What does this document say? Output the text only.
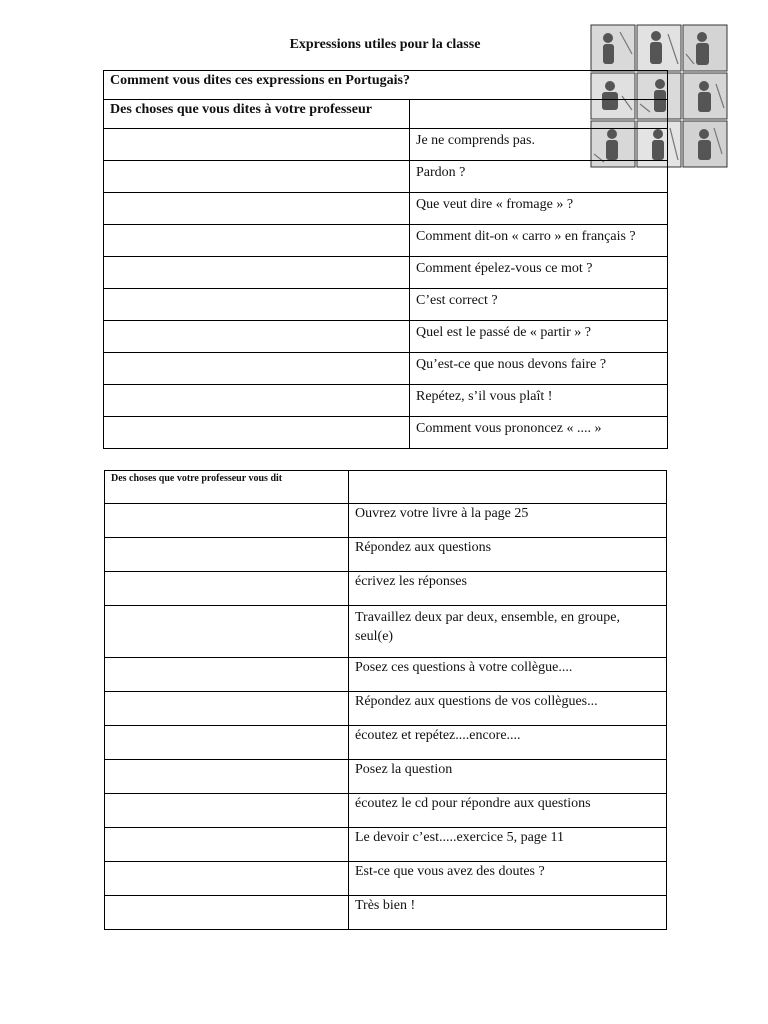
Expressions utiles pour la classe
Comment vous dites ces expressions en Portugais?	
Des choses que vous dites à votre professeur	
	Je ne comprends pas.
	Pardon ?
	Que veut dire « fromage » ?
	Comment dit-on « carro » en français ?
	Comment épelez-vous ce mot ?
	C’est correct ?
	Quel est le passé de « partir » ?
	Qu’est-ce que nous devons faire ?
	Repétez, s’il vous plaît !
	Comment vous prononcez « .... »
Des choses que votre professeur vous dit	
	Ouvrez votre livre à la page 25
	Répondez aux questions
	écrivez les réponses
	Travaillez deux par deux, ensemble, en groupe, seul(e)
	Posez ces questions à votre collègue....
	Répondez aux questions de vos collègues...
	écoutez et repétez....encore....
	Posez la question
	écoutez le cd pour répondre aux questions
	Le devoir c’est.....exercice 5, page 11
	Est-ce que vous avez des doutes ?
	Très bien !
